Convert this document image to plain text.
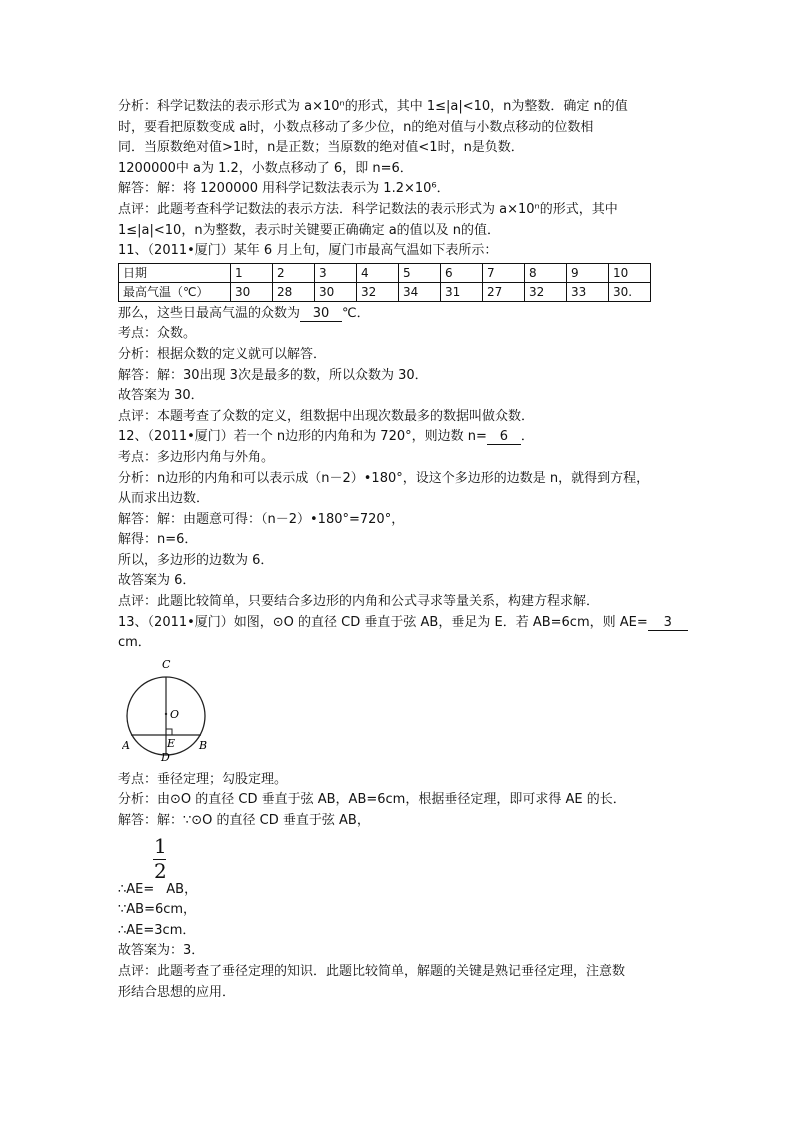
分析：科学记数法的表示形式为 a×10ⁿ的形式，其中 1≤|a|<10，n为整数．确定 n的值
时，要看把原数变成 a时，小数点移动了多少位，n的绝对值与小数点移动的位数相
同．当原数绝对值>1时，n是正数；当原数的绝对值<1时，n是负数．
1200000中 a为 1.2，小数点移动了 6，即 n=6．
解答：解：将 1200000 用科学记数法表示为 1.2×10⁶．
点评：此题考查科学记数法的表示方法．科学记数法的表示形式为 a×10ⁿ的形式，其中
1≤|a|<10，n为整数，表示时关键要正确确定 a的值以及 n的值．
11、（2011•厦门）某年 6 月上旬，厦门市最高气温如下表所示：
日期	1	2	3	4	5	6	7	8	9	10
最高气温（℃）	30	28	30	32	34	31	27	32	33	30.
那么，这些日最高气温的众数为 30 ℃．
考点：众数。
分析：根据众数的定义就可以解答．
解答：解：30出现 3次是最多的数，所以众数为 30．
故答案为 30．
点评：本题考查了众数的定义，组数据中出现次数最多的数据叫做众数．
12、（2011•厦门）若一个 n边形的内角和为 720°，则边数 n= 6 ．
考点：多边形内角与外角。
分析：n边形的内角和可以表示成（n－2）•180°，设这个多边形的边数是 n，就得到方程，
从而求出边数．
解答：解：由题意可得：（n－2）•180°=720°，
解得：n=6．
所以，多边形的边数为 6．
故答案为 6．
点评：此题比较简单，只要结合多边形的内角和公式寻求等量关系，构建方程求解．
13、（2011•厦门）如图，⊙O 的直径 CD 垂直于弦 AB，垂足为 E．若 AB=6cm，则 AE= 3
cm．
C
O
A	E B
D
考点：垂径定理；勾股定理。
分析：由⊙O 的直径 CD 垂直于弦 AB，AB=6cm，根据垂径定理，即可求得 AE 的长．
解答：解：∵⊙O 的直径 CD 垂直于弦 AB，
1
2
∴AE= AB，
∵AB=6cm，
∴AE=3cm．
故答案为：3．
点评：此题考查了垂径定理的知识．此题比较简单，解题的关键是熟记垂径定理，注意数
形结合思想的应用．
